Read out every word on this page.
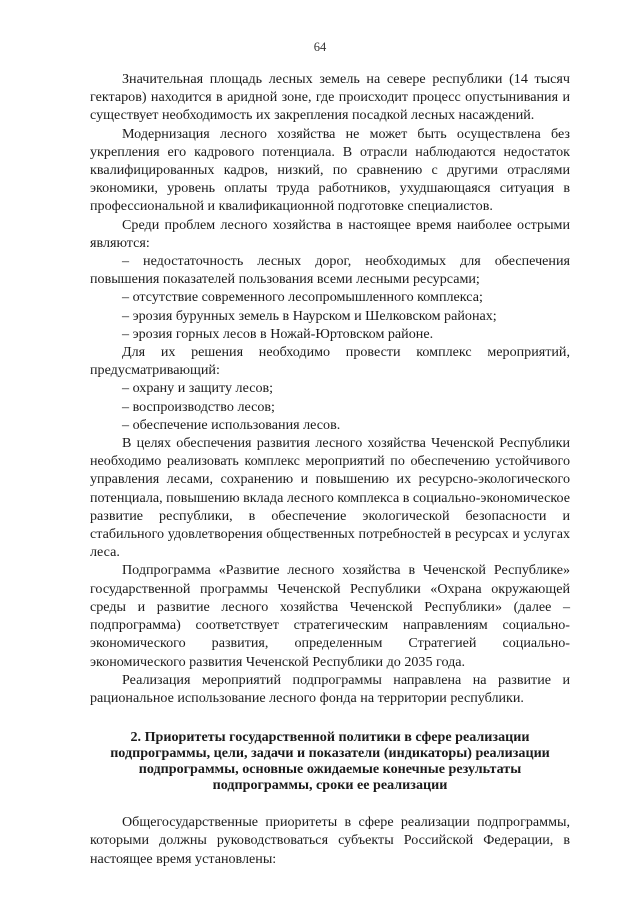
64

Значительная площадь лесных земель на севере республики (14 тысяч гектаров) находится в аридной зоне, где происходит процесс опустынивания и существует необходимость их закрепления посадкой лесных насаждений.

Модернизация лесного хозяйства не может быть осуществлена без укрепления его кадрового потенциала. В отрасли наблюдаются недостаток квалифицированных кадров, низкий, по сравнению с другими отраслями экономики, уровень оплаты труда работников, ухудшающаяся ситуация в профессиональной и квалификационной подготовке специалистов.

Среди проблем лесного хозяйства в настоящее время наиболее острыми являются:

– недостаточность лесных дорог, необходимых для обеспечения повышения показателей пользования всеми лесными ресурсами;

– отсутствие современного лесопромышленного комплекса;

– эрозия бурунных земель в Наурском и Шелковском районах;

– эрозия горных лесов в Ножай-Юртовском районе.

Для их решения необходимо провести комплекс мероприятий, предусматривающий:

– охрану и защиту лесов;

– воспроизводство лесов;

– обеспечение использования лесов.

В целях обеспечения развития лесного хозяйства Чеченской Республики необходимо реализовать комплекс мероприятий по обеспечению устойчивого управления лесами, сохранению и повышению их ресурсно-экологического потенциала, повышению вклада лесного комплекса в социально-экономическое развитие республики, в обеспечение экологической безопасности и стабильного удовлетворения общественных потребностей в ресурсах и услугах леса.

Подпрограмма «Развитие лесного хозяйства в Чеченской Республике» государственной программы Чеченской Республики «Охрана окружающей среды и развитие лесного хозяйства Чеченской Республики» (далее – подпрограмма) соответствует стратегическим направлениям социально-экономического развития, определенным Стратегией социально-экономического развития Чеченской Республики до 2035 года.

Реализация мероприятий подпрограммы направлена на развитие и рациональное использование лесного фонда на территории республики.

2. Приоритеты государственной политики в сфере реализации подпрограммы, цели, задачи и показатели (индикаторы) реализации подпрограммы, основные ожидаемые конечные результаты подпрограммы, сроки ее реализации

Общегосударственные приоритеты в сфере реализации подпрограммы, которыми должны руководствоваться субъекты Российской Федерации, в настоящее время установлены:
